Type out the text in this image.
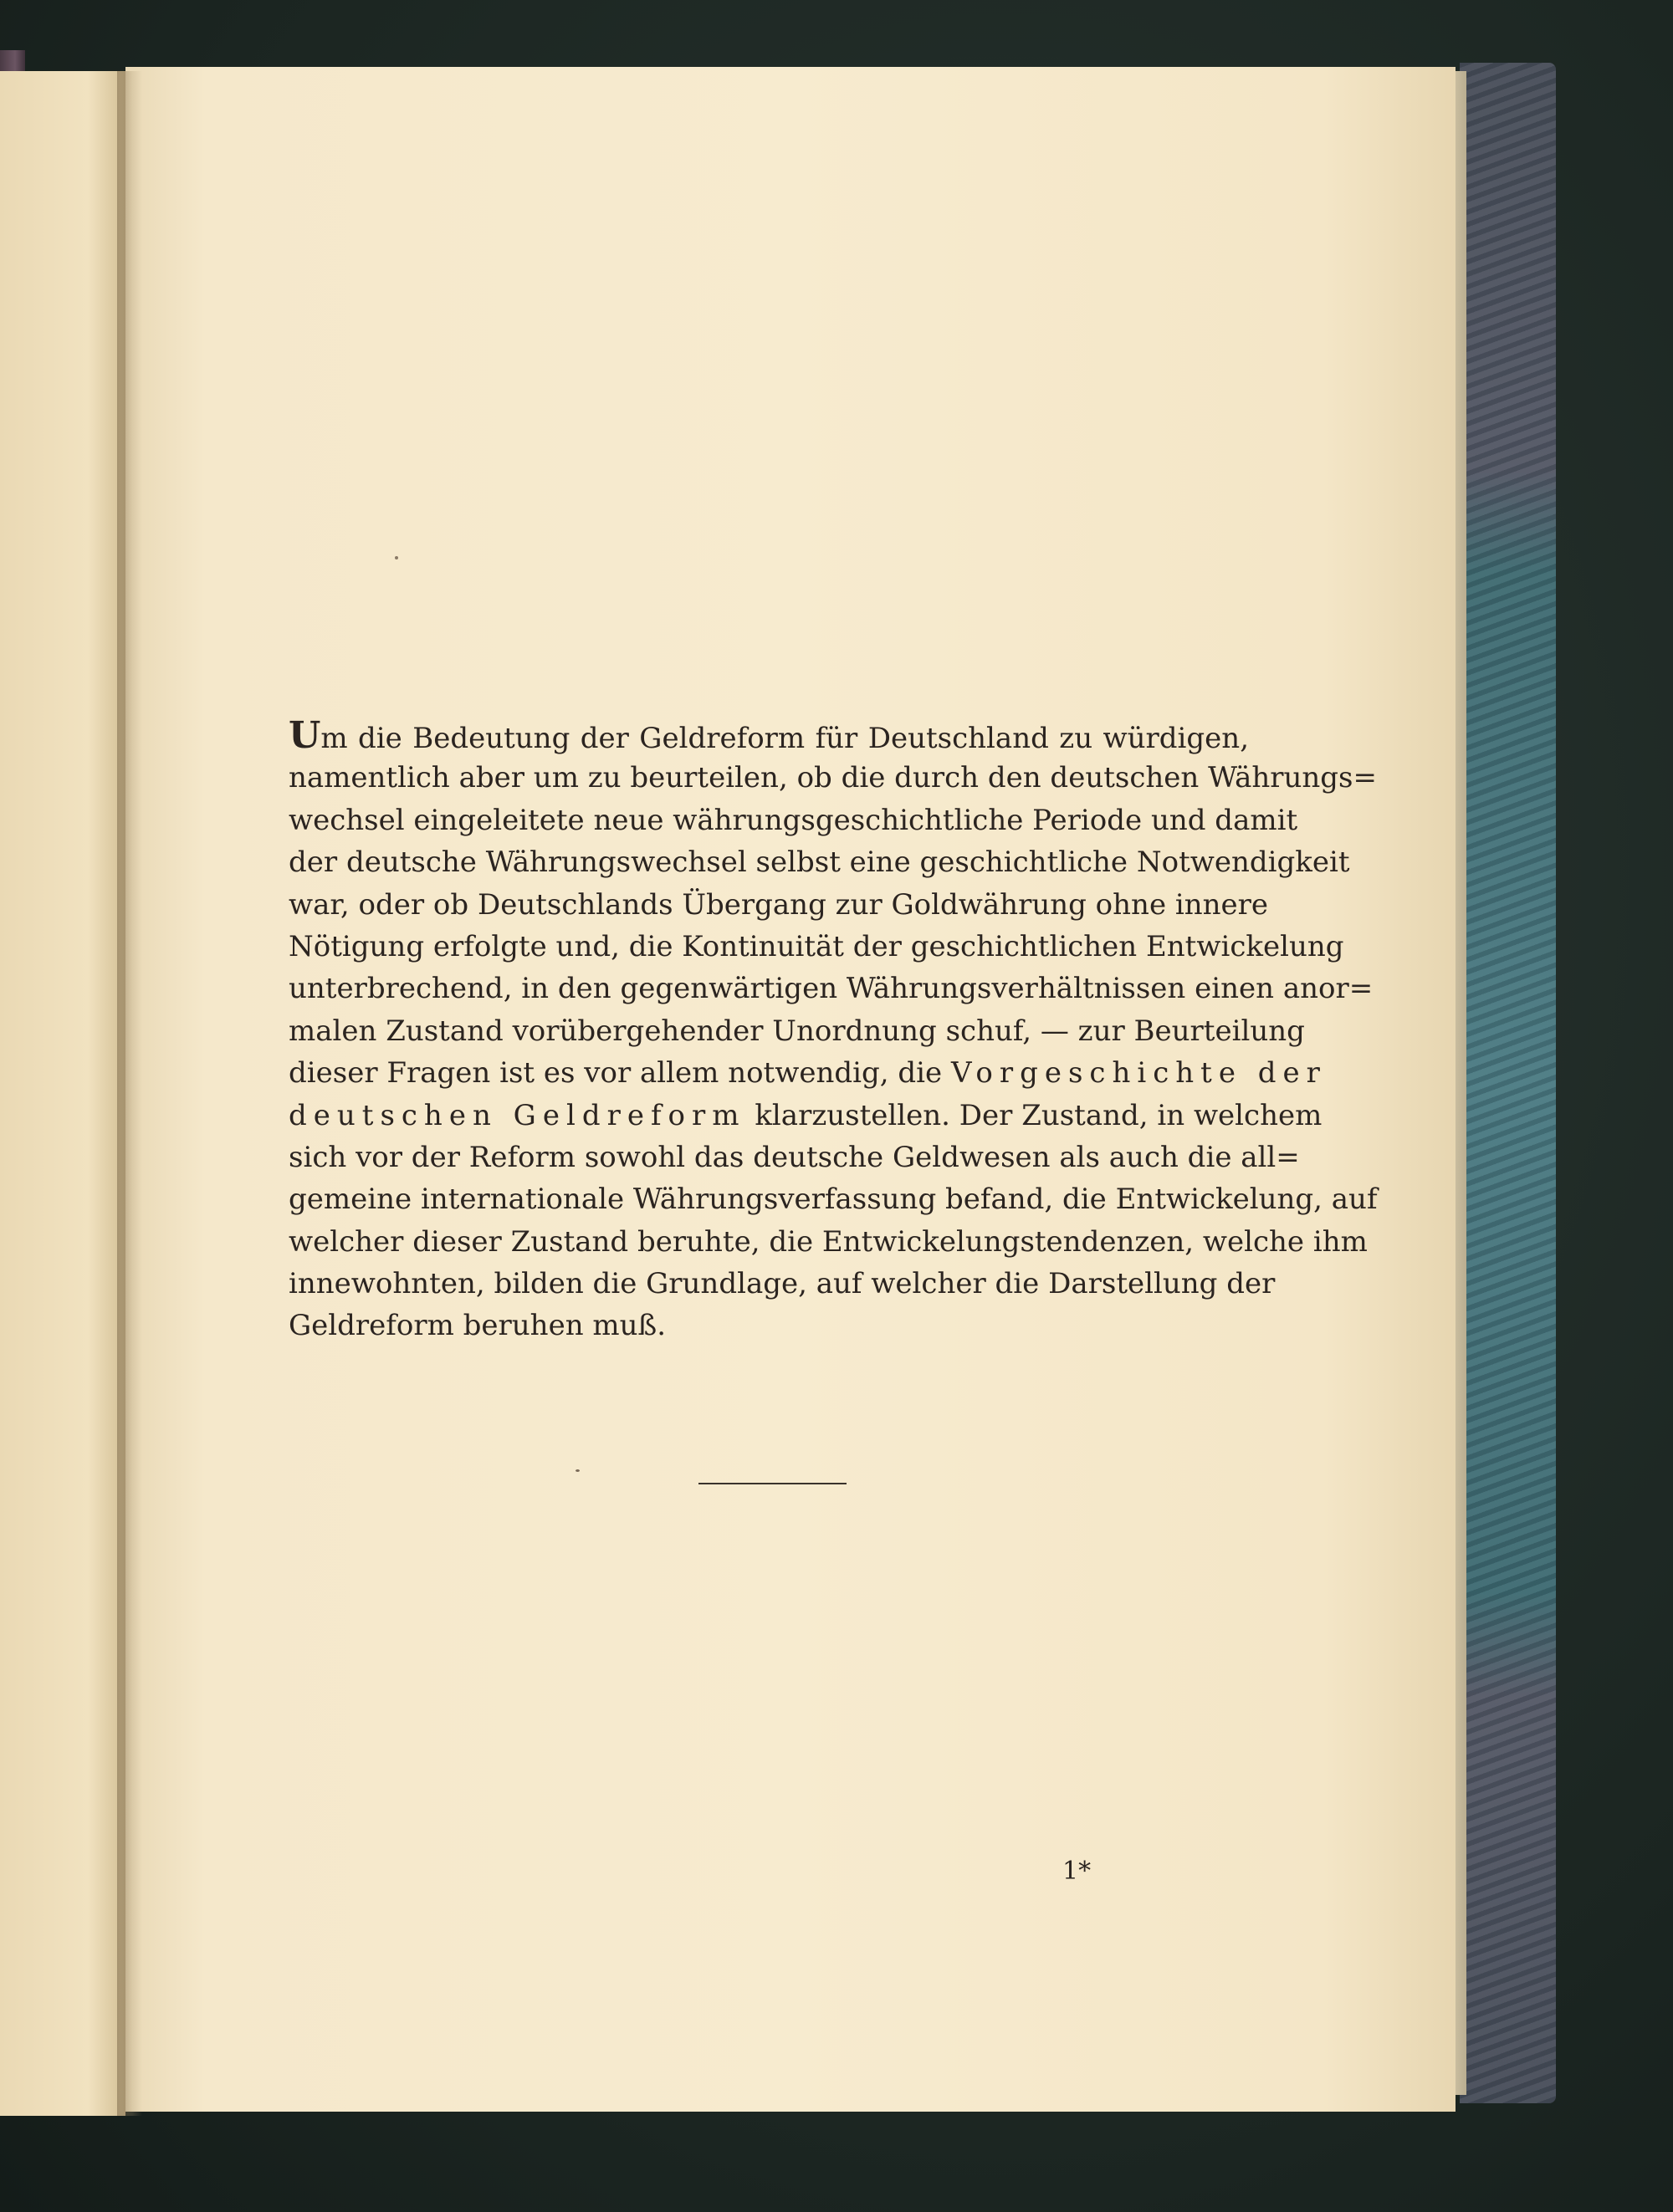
Um die Bedeutung der Geldreform für Deutschland zu würdigen,
namentlich aber um zu beurteilen, ob die durch den deutschen Währungs=
wechsel eingeleitete neue währungsgeschichtliche Periode und damit
der deutsche Währungswechsel selbst eine geschichtliche Notwendigkeit
war, oder ob Deutschlands Übergang zur Goldwährung ohne innere
Nötigung erfolgte und, die Kontinuität der geschichtlichen Entwickelung
unterbrechend, in den gegenwärtigen Währungsverhältnissen einen anor=
malen Zustand vorübergehender Unordnung schuf, — zur Beurteilung
dieser Fragen ist es vor allem notwendig, die Vorgeschichte der
deutschen Geldreform klarzustellen. Der Zustand, in welchem
sich vor der Reform sowohl das deutsche Geldwesen als auch die all=
gemeine internationale Währungsverfassung befand, die Entwickelung, auf
welcher dieser Zustand beruhte, die Entwickelungstendenzen, welche ihm
innewohnten, bilden die Grundlage, auf welcher die Darstellung der
Geldreform beruhen muß.
1*
